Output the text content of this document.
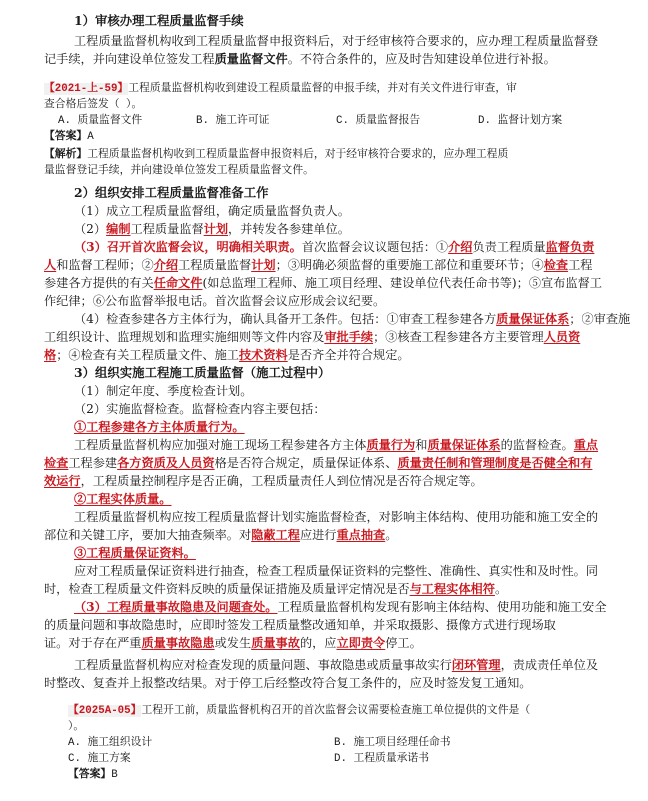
1）审核办理工程质量监督手续
工程质量监督机构收到工程质量监督申报资料后，对于经审核符合要求的，应办理工程质量监督登
记手续，并向建设单位签发工程质量监督文件。不符合条件的，应及时告知建设单位进行补报。
【2021-上-59】工程质量监督机构收到建设工程质量监督的申报手续，并对有关文件进行审查，审
查合格后签发（ ）。
A. 质量监督文件	B. 施工许可证	C. 质量监督报告	D. 监督计划方案
【答案】A
【解析】工程质量监督机构收到工程质量监督申报资料后，对于经审核符合要求的，应办理工程质
量监督登记手续，并向建设单位签发工程质量监督文件。
2）组织安排工程质量监督准备工作
（1）成立工程质量监督组，确定质量监督负责人。
（2）编制工程质量监督计划，并转发各参建单位。
（3）召开首次监督会议，明确相关职责。首次监督会议议题包括：①介绍负责工程质量监督负责
人和监督工程师；②介绍工程质量监督计划；③明确必须监督的重要施工部位和重要环节；④检查工程
参建各方提供的有关任命文件(如总监理工程师、施工项目经理、建设单位代表任命书等)；⑤宣布监督工
作纪律；⑥公布监督举报电话。首次监督会议应形成会议纪要。
（4）检查参建各方主体行为，确认具备开工条件。包括：①审查工程参建各方质量保证体系；②审查施
工组织设计、监理规划和监理实施细则等文件内容及审批手续；③核查工程参建各方主要管理人员资
格；④检查有关工程质量文件、施工技术资料是否齐全并符合规定。
3）组织实施工程施工质量监督（施工过程中）
（1）制定年度、季度检查计划。
（2）实施监督检查。监督检查内容主要包括：
①工程参建各方主体质量行为。
工程质量监督机构应加强对施工现场工程参建各方主体质量行为和质量保证体系的监督检查。重点
检查工程参建各方资质及人员资格是否符合规定，质量保证体系、质量责任制和管理制度是否健全和有
效运行，工程质量控制程序是否正确，工程质量责任人到位情况是否符合规定等。
②工程实体质量。
工程质量监督机构应按工程质量监督计划实施监督检查，对影响主体结构、使用功能和施工安全的
部位和关键工序，要加大抽查频率。对隐蔽工程应进行重点抽查。
③工程质量保证资料。
应对工程质量保证资料进行抽查，检查工程质量保证资料的完整性、准确性、真实性和及时性。同
时，检查工程质量文件资料反映的质量保证措施及质量评定情况是否与工程实体相符。
（3）工程质量事故隐患及问题查处。工程质量监督机构发现有影响主体结构、使用功能和施工安全
的质量问题和事故隐患时，应即时签发工程质量整改通知单，并采取摄影、摄像方式进行现场取
证。对于存在严重质量事故隐患或发生质量事故的，应立即责令停工。
工程质量监督机构应对检查发现的质量问题、事故隐患或质量事故实行闭环管理，责成责任单位及
时整改、复查并上报整改结果。对于停工后经整改符合复工条件的，应及时签发复工通知。
【2025A-05】工程开工前，质量监督机构召开的首次监督会议需要检查施工单位提供的文件是（
）。
A. 施工组织设计	B. 施工项目经理任命书
C. 施工方案	D. 工程质量承诺书
【答案】B
